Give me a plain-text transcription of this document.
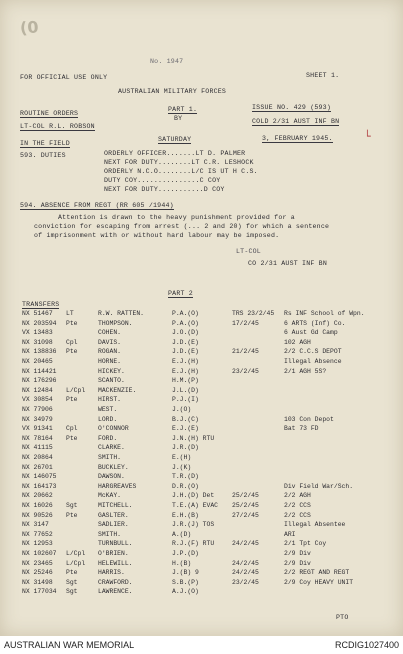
(0
No. 1947
FOR OFFICIAL USE ONLY	SHEET 1.
AUSTRALIAN MILITARY FORCES
ROUTINE ORDERS
PART 1.	ISSUE NO. 429 (593)
BY
LT-COL R.L. ROBSON
COLD 2/31 AUST INF BN
IN THE FIELD
SATURDAY	3, FEBRUARY 1945.	└
593. DUTIES	ORDERLY OFFICER.......LT D. PALMER
NEXT FOR DUTY........LT C.R. LESHOCK
ORDERLY N.C.O........L/C IS UT H C.S.
DUTY COY...............C COY
NEXT FOR DUTY...........D COY
594. ABSENCE FROM REGT (RR 605 /1944)
Attention is drawn to the heavy punishment provided for a
conviction for escaping from arrest (... 2 and 20) for which a sentence
of imprisonment with or without hard labour may be imposed.
LT-COL
CO 2/31 AUST INF BN
PART 2
TRANSFERS
NX 51467 LT	R.W. RATTEN.	P.A.(O)	TRS 23/2/45 Rs INF School of Wpn.
NX 203594 Pte	THOMPSON.	P.A.(O)	17/2/45	6 ARTS (Inf) Co.
VX 13483	COHEN.	J.O.(D)	6 Aust Gd Camp
NX 31098 Cpl	DAVIS.	J.D.(E)	102 AGH
NX 138836 Pte	ROGAN.	J.D.(E)	21/2/45	2/2 C.C.S DEPOT
NX 20465	HORNE.	E.J.(H)	Illegal Absence
NX 114421	HICKEY.	E.J.(H)	23/2/45	2/1 AGH 5S?
NX 176296	SCANTO.	H.M.(P)
NX 12484 L/Cpl MACKENZIE.	J.L.(D)
VX 30854 Pte	HIRST.	P.J.(I)
NX 77906	WEST.	J.(O)
NX 34979	LORD.	B.J.(C)	103 Con Depot
VX 91341 Cpl	O'CONNOR	E.J.(E)	Bat 73 FD
NX 78164 Pte	FORD.	J.N.(H) RTU
NX 41115	CLARKE.	J.R.(D)
NX 20864	SMITH.	E.(H)
NX 26701	BUCKLEY.	J.(K)
NX 146075	DAWSON.	T.R.(D)
NX 164173	HARGREAVES	D.R.(O)	Div Field War/Sch.
NX 20662	McKAY.	J.H.(D) Det	25/2/45	2/2 AGH
NX 16026 Sgt	MITCHELL.	T.E.(A) EVAC 25/2/45	2/2 CCS
NX 90526 Pte	GASLTER.	E.H.(B)	27/2/45	2/2 CCS
NX 3147	SADLIER.	J.R.(J) TOS	Illegal Absentee
NX 77652	SMITH.	A.(D)	ARI
NX 12953	TURNBULL.	R.J.(F) RTU	24/2/45	2/1 Tpt Coy
NX 102607 L/Cpl O'BRIEN.	J.P.(D)	2/9 Div
NX 23465 L/Cpl HELEWILL.	H.(B)	24/2/45	2/9 Div
NX 25246 Pte	HARRIS.	J.(B) 9	24/2/45	2/2 REGT AND REGT
NX 31498 Sgt	CRAWFORD.	S.B.(P)	23/2/45	2/9 Coy HEAVY UNIT
NX 177034 Sgt	LAWRENCE.	A.J.(O)
PTO
AUSTRALIAN WAR MEMORIAL	RCDIG1027400
